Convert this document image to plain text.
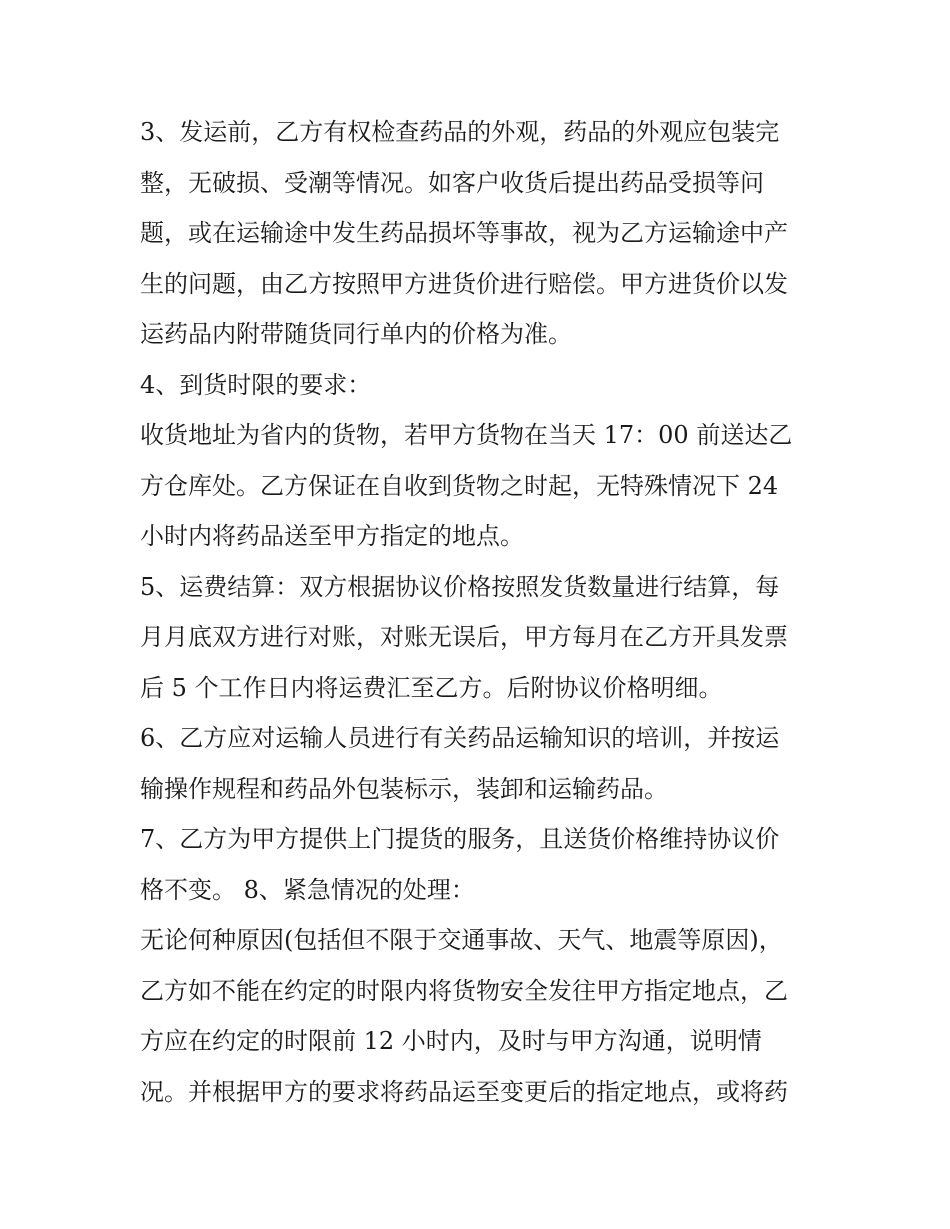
3、发运前，乙方有权检查药品的外观，药品的外观应包装完
整，无破损、受潮等情况。如客户收货后提出药品受损等问
题，或在运输途中发生药品损坏等事故，视为乙方运输途中产
生的问题，由乙方按照甲方进货价进行赔偿。甲方进货价以发
运药品内附带随货同行单内的价格为准。
4、到货时限的要求：
收货地址为省内的货物，若甲方货物在当天 17：00 前送达乙
方仓库处。乙方保证在自收到货物之时起，无特殊情况下 24
小时内将药品送至甲方指定的地点。
5、运费结算：双方根据协议价格按照发货数量进行结算，每
月月底双方进行对账，对账无误后，甲方每月在乙方开具发票
后 5 个工作日内将运费汇至乙方。后附协议价格明细。
6、乙方应对运输人员进行有关药品运输知识的培训，并按运
输操作规程和药品外包装标示，装卸和运输药品。
7、乙方为甲方提供上门提货的服务，且送货价格维持协议价
格不变。 8、紧急情况的处理：
无论何种原因(包括但不限于交通事故、天气、地震等原因)，
乙方如不能在约定的时限内将货物安全发往甲方指定地点，乙
方应在约定的时限前 12 小时内，及时与甲方沟通，说明情
况。并根据甲方的要求将药品运至变更后的指定地点，或将药
